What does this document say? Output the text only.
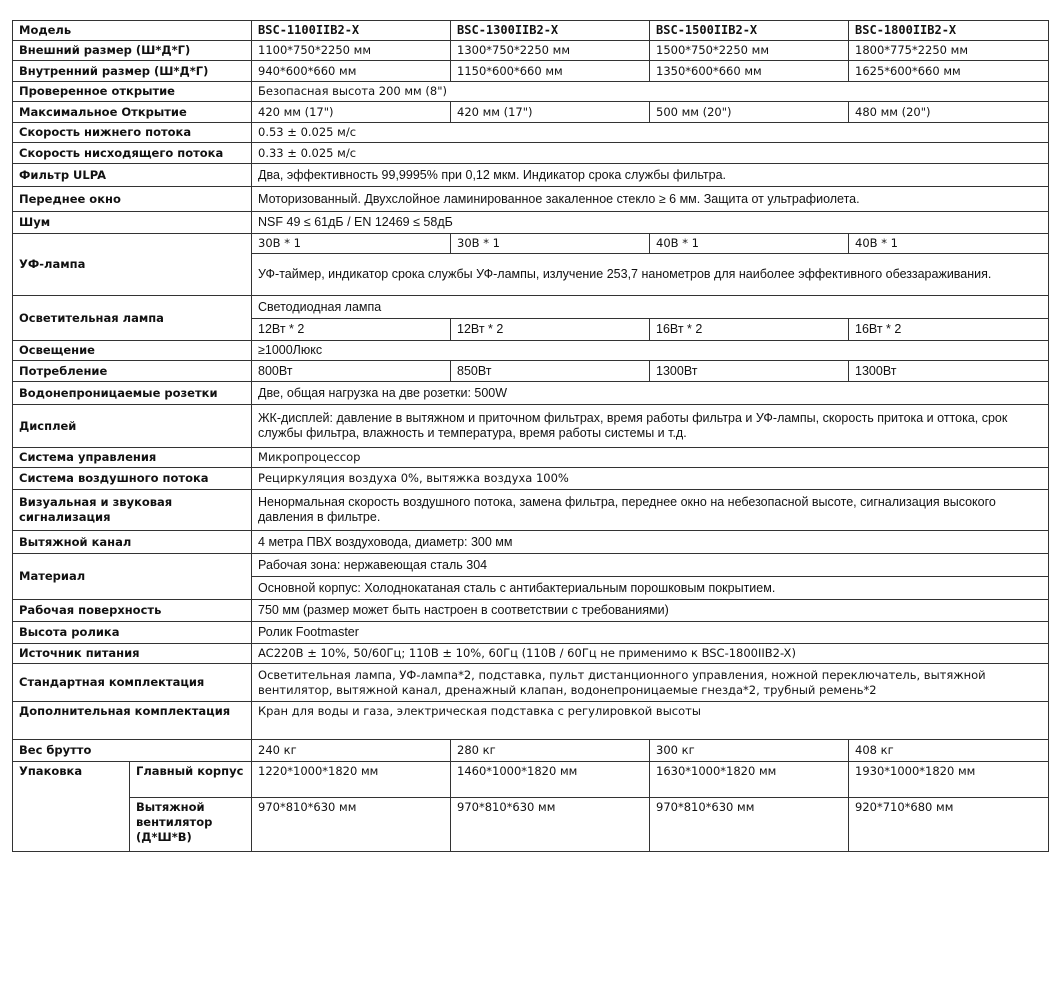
Модель		BSC-1100IIB2-X	BSC-1300IIB2-X	BSC-1500IIB2-X	BSC-1800IIB2-X
Внешний размер (Ш*Д*Г)		1100*750*2250 мм	1300*750*2250 мм	1500*750*2250 мм	1800*775*2250 мм
Внутренний размер (Ш*Д*Г)		940*600*660 мм	1150*600*660 мм	1350*600*660 мм	1625*600*660 мм
Проверенное открытие		Безопасная высота 200 мм (8")			
Максимальное Открытие		420 мм (17")	420 мм (17")	500 мм (20")	480 мм (20")
Скорость нижнего потока		0.53 ± 0.025 м/с			
Скорость нисходящего потока		0.33 ± 0.025 м/с			
Фильтр ULPA		Два, эффективность 99,9995% при 0,12 мкм. Индикатор срока службы фильтра.			
Переднее окно		Моторизованный. Двухслойное ламинированное закаленное стекло ≥ 6 мм. Защита от ультрафиолета.			
Шум		NSF 49 ≤ 61дБ / EN 12469 ≤ 58дБ			
УФ-лампа		30В * 1	30В * 1	40В * 1	40В * 1
		УФ-таймер, индикатор срока службы УФ-лампы, излучение 253,7 нанометров для наиболее эффективного обеззараживания.			
Осветительная лампа		Светодиодная лампа			
		12Вт * 2	12Вт * 2	16Вт * 2	16Вт * 2
Освещение		≥1000Люкс			
Потребление		800Вт	850Вт	1300Вт	1300Вт
Водонепроницаемые розетки		Две, общая нагрузка на две розетки: 500W			
Дисплей		ЖК-дисплей: давление в вытяжном и приточном фильтрах, время работы фильтра и УФ-лампы, скорость притока и оттока, срок службы фильтра, влажность и температура, время работы системы и т.д.			
Система управления		Микропроцессор			
Система воздушного потока		Рециркуляция воздуха 0%, вытяжка воздуха 100%			
Визуальная и звуковая сигнализация		Ненормальная скорость воздушного потока, замена фильтра, переднее окно на небезопасной высоте, сигнализация высокого давления в фильтре.			
Вытяжной канал		4 метра ПВХ воздуховода, диаметр: 300 мм			
Материал		Рабочая зона: нержавеющая сталь 304			
		Основной корпус: Холоднокатаная сталь с антибактериальным порошковым покрытием.			
Рабочая поверхность		750 мм (размер может быть настроен в соответствии с требованиями)			
Высота ролика		Ролик Footmaster			
Источник питания		AC220В ± 10%, 50/60Гц; 110В ± 10%, 60Гц (110В / 60Гц не применимо к BSC-1800IIB2-X)			
Стандартная комплектация		Осветительная лампа, УФ-лампа*2, подставка, пульт дистанционного управления, ножной переключатель, вытяжной вентилятор, вытяжной канал, дренажный клапан, водонепроницаемые гнезда*2, трубный ремень*2			
Дополнительная комплектация		Кран для воды и газа, электрическая подставка с регулировкой высоты			
Вес брутто		240 кг	280 кг	300 кг	408 кг
Упаковка	Главный корпус	1220*1000*1820 мм	1460*1000*1820 мм	1630*1000*1820 мм	1930*1000*1820 мм
	Вытяжной вентилятор (Д*Ш*В)	970*810*630 мм	970*810*630 мм	970*810*630 мм	920*710*680 мм
